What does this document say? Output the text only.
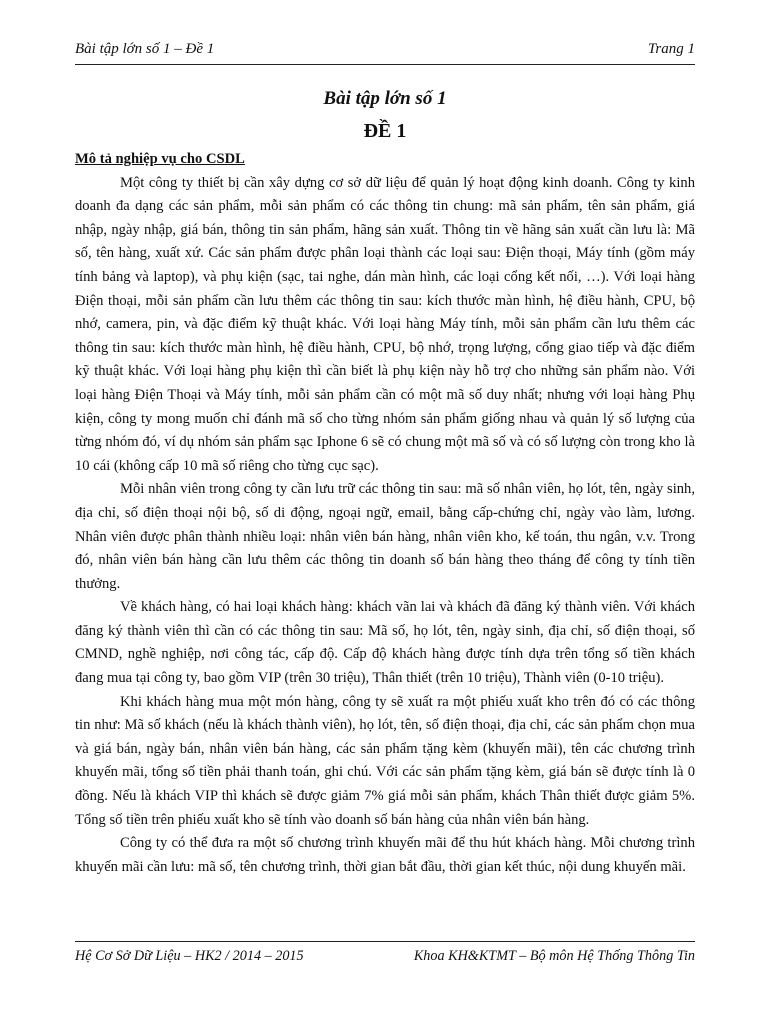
Bài tập lớn số 1 – Đề 1	Trang 1

Bài tập lớn số 1

ĐỀ 1

Mô tả nghiệp vụ cho CSDL

Một công ty thiết bị cần xây dựng cơ sở dữ liệu để quản lý hoạt động kinh doanh. Công ty kinh doanh đa dạng các sản phẩm, mỗi sản phẩm có các thông tin chung: mã sản phẩm, tên sản phẩm, giá nhập, ngày nhập, giá bán, thông tin sản phẩm, hãng sản xuất. Thông tin về hãng sản xuất cần lưu là: Mã số, tên hàng, xuất xứ. Các sản phẩm được phân loại thành các loại sau: Điện thoại, Máy tính (gồm máy tính bảng và laptop), và phụ kiện (sạc, tai nghe, dán màn hình, các loại cổng kết nối, …). Với loại hàng Điện thoại, mỗi sản phẩm cần lưu thêm các thông tin sau: kích thước màn hình, hệ điều hành, CPU, bộ nhớ, camera, pin, và đặc điểm kỹ thuật khác. Với loại hàng Máy tính, mỗi sản phẩm cần lưu thêm các thông tin sau: kích thước màn hình, hệ điều hành, CPU, bộ nhớ, trọng lượng, cổng giao tiếp và đặc điểm kỹ thuật khác. Với loại hàng phụ kiện thì cần biết là phụ kiện này hỗ trợ cho những sản phẩm nào. Với loại hàng Điện Thoại và Máy tính, mỗi sản phẩm cần có một mã số duy nhất; nhưng với loại hàng Phụ kiện, công ty mong muốn chỉ đánh mã số cho từng nhóm sản phẩm giống nhau và quản lý số lượng của từng nhóm đó, ví dụ nhóm sản phẩm sạc Iphone 6 sẽ có chung một mã số và có số lượng còn trong kho là 10 cái (không cấp 10 mã số riêng cho từng cục sạc).

Mỗi nhân viên trong công ty cần lưu trữ các thông tin sau: mã số nhân viên, họ lót, tên, ngày sinh, địa chỉ, số điện thoại nội bộ, số di động, ngoại ngữ, email, bằng cấp-chứng chỉ, ngày vào làm, lương. Nhân viên được phân thành nhiều loại: nhân viên bán hàng, nhân viên kho, kế toán, thu ngân, v.v. Trong đó, nhân viên bán hàng cần lưu thêm các thông tin doanh số bán hàng theo tháng để công ty tính tiền thưởng.

Về khách hàng, có hai loại khách hàng: khách vãn lai và khách đã đăng ký thành viên. Với khách đăng ký thành viên thì cần có các thông tin sau: Mã số, họ lót, tên, ngày sinh, địa chỉ, số điện thoại, số CMND, nghề nghiệp, nơi công tác, cấp độ. Cấp độ khách hàng được tính dựa trên tổng số tiền khách đang mua tại công ty, bao gồm VIP (trên 30 triệu), Thân thiết (trên 10 triệu), Thành viên (0-10 triệu).

Khi khách hàng mua một món hàng, công ty sẽ xuất ra một phiếu xuất kho trên đó có các thông tin như: Mã số khách (nếu là khách thành viên), họ lót, tên, số điện thoại, địa chỉ, các sản phẩm chọn mua và giá bán, ngày bán, nhân viên bán hàng, các sản phẩm tặng kèm (khuyến mãi), tên các chương trình khuyến mãi, tổng số tiền phải thanh toán, ghi chú. Với các sản phẩm tặng kèm, giá bán sẽ được tính là 0 đồng. Nếu là khách VIP thì khách sẽ được giảm 7% giá mỗi sản phẩm, khách Thân thiết được giảm 5%. Tổng số tiền trên phiếu xuất kho sẽ tính vào doanh số bán hàng của nhân viên bán hàng.

Công ty có thể đưa ra một số chương trình khuyến mãi để thu hút khách hàng. Mỗi chương trình khuyến mãi cần lưu: mã số, tên chương trình, thời gian bắt đầu, thời gian kết thúc, nội dung khuyến mãi.

Hệ Cơ Sở Dữ Liệu – HK2 / 2014 – 2015	Khoa KH&KTMT – Bộ môn Hệ Thống Thông Tin
